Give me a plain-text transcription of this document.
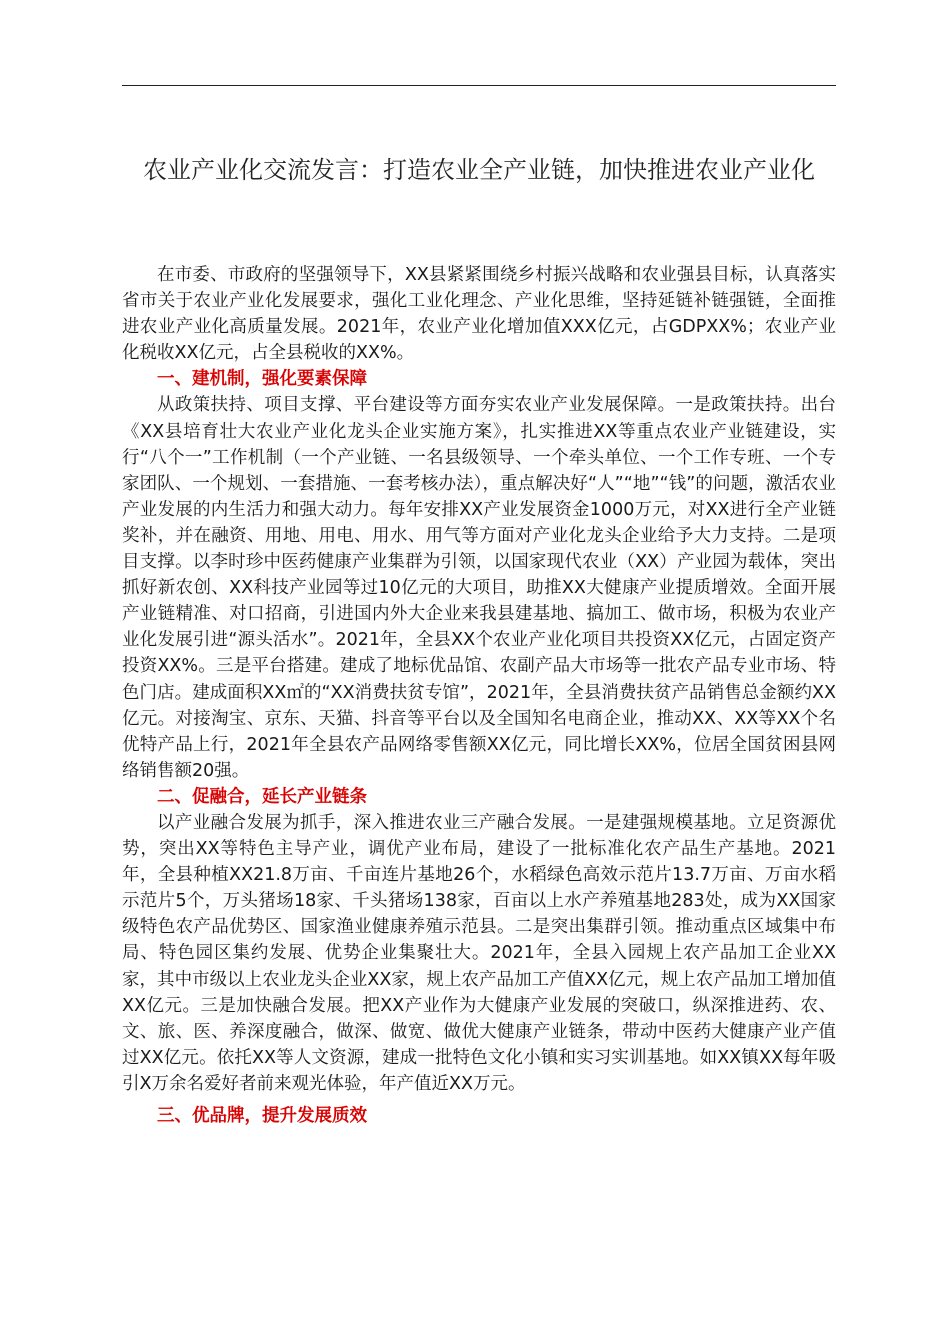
农业产业化交流发言：打造农业全产业链，加快推进农业产业化

在市委、市政府的坚强领导下，XX县紧紧围绕乡村振兴战略和农业强县目标，认真落实省市关于农业产业化发展要求，强化工业化理念、产业化思维，坚持延链补链强链，全面推进农业产业化高质量发展。2021年，农业产业化增加值XXX亿元，占GDPXX%；农业产业化税收XX亿元，占全县税收的XX%。

一、建机制，强化要素保障

从政策扶持、项目支撑、平台建设等方面夯实农业产业发展保障。一是政策扶持。出台《XX县培育壮大农业产业化龙头企业实施方案》，扎实推进XX等重点农业产业链建设，实行“八个一”工作机制（一个产业链、一名县级领导、一个牵头单位、一个工作专班、一个专家团队、一个规划、一套措施、一套考核办法），重点解决好“人”“地”“钱”的问题，激活农业产业发展的内生活力和强大动力。每年安排XX产业发展资金1000万元，对XX进行全产业链奖补，并在融资、用地、用电、用水、用气等方面对产业化龙头企业给予大力支持。二是项目支撑。以李时珍中医药健康产业集群为引领，以国家现代农业（XX）产业园为载体，突出抓好新农创、XX科技产业园等过10亿元的大项目，助推XX大健康产业提质增效。全面开展产业链精准、对口招商，引进国内外大企业来我县建基地、搞加工、做市场，积极为农业产业化发展引进“源头活水”。2021年，全县XX个农业产业化项目共投资XX亿元，占固定资产投资XX%。三是平台搭建。建成了地标优品馆、农副产品大市场等一批农产品专业市场、特色门店。建成面积XX㎡的“XX消费扶贫专馆”，2021年，全县消费扶贫产品销售总金额约XX亿元。对接淘宝、京东、天猫、抖音等平台以及全国知名电商企业，推动XX、XX等XX个名优特产品上行，2021年全县农产品网络零售额XX亿元，同比增长XX%，位居全国贫困县网络销售额20强。

二、促融合，延长产业链条

以产业融合发展为抓手，深入推进农业三产融合发展。一是建强规模基地。立足资源优势，突出XX等特色主导产业，调优产业布局，建设了一批标准化农产品生产基地。2021年，全县种植XX21.8万亩、千亩连片基地26个，水稻绿色高效示范片13.7万亩、万亩水稻示范片5个，万头猪场18家、千头猪场138家，百亩以上水产养殖基地283处，成为XX国家级特色农产品优势区、国家渔业健康养殖示范县。二是突出集群引领。推动重点区域集中布局、特色园区集约发展、优势企业集聚壮大。2021年，全县入园规上农产品加工企业XX家，其中市级以上农业龙头企业XX家，规上农产品加工产值XX亿元，规上农产品加工增加值XX亿元。三是加快融合发展。把XX产业作为大健康产业发展的突破口，纵深推进药、农、文、旅、医、养深度融合，做深、做宽、做优大健康产业链条，带动中医药大健康产业产值过XX亿元。依托XX等人文资源，建成一批特色文化小镇和实习实训基地。如XX镇XX每年吸引X万余名爱好者前来观光体验，年产值近XX万元。

三、优品牌，提升发展质效
